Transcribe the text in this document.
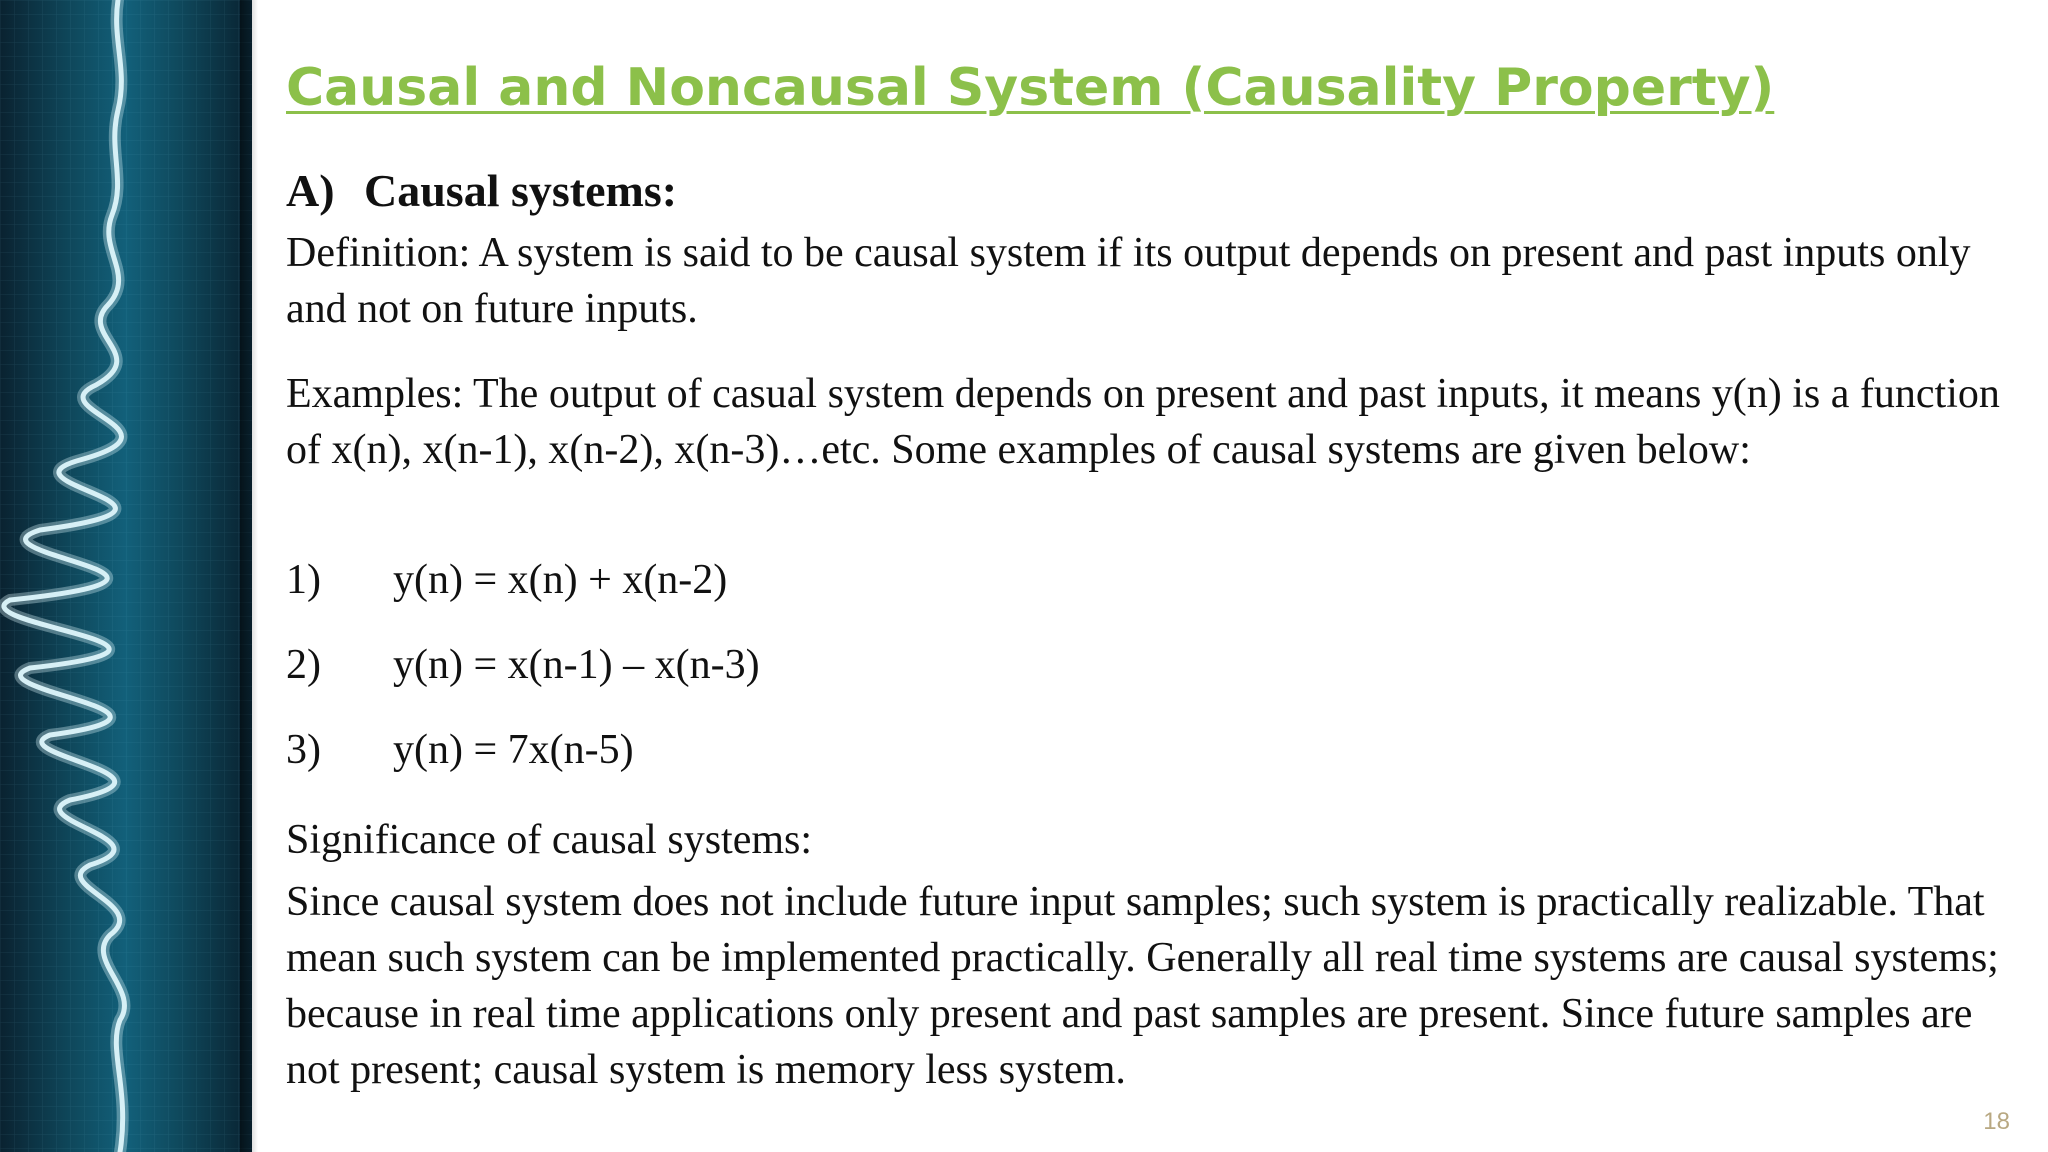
Causal and Noncausal System (Causality Property)
A) Causal systems:
Definition: A system is said to be causal system if its output depends on present and past inputs only and not on future inputs.
Examples: The output of casual system depends on present and past inputs, it means y(n) is a function of x(n), x(n-1), x(n-2), x(n-3)…etc. Some examples of causal systems are given below:
1) y(n) = x(n) + x(n-2)
2) y(n) = x(n-1) – x(n-3)
3) y(n) = 7x(n-5)
Significance of causal systems:
Since causal system does not include future input samples; such system is practically realizable. That mean such system can be implemented practically. Generally all real time systems are causal systems; because in real time applications only present and past samples are present. Since future samples are not present; causal system is memory less system.
18
